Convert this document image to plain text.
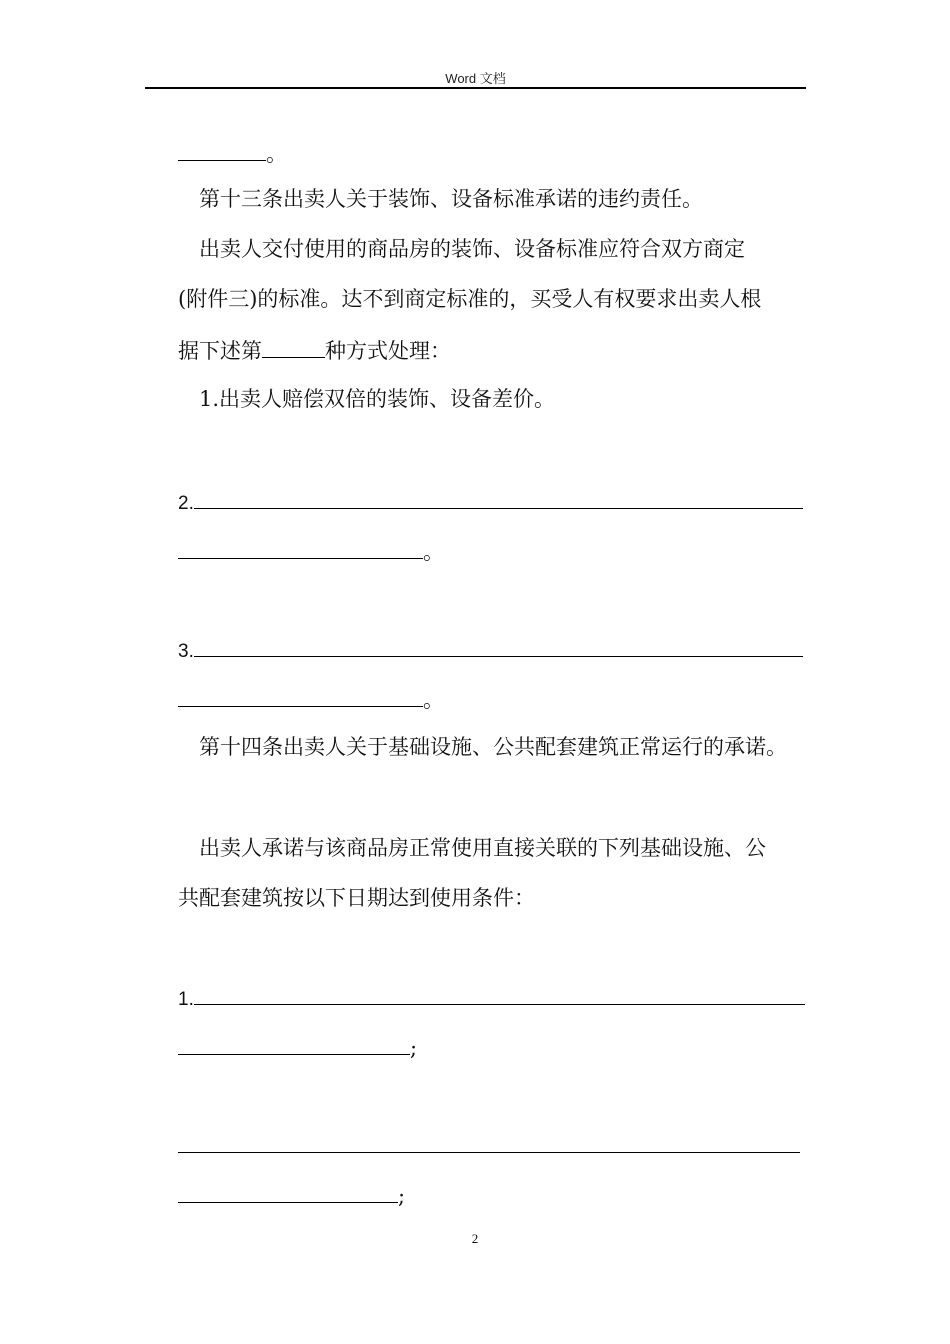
Word 文档
。
第十三条出卖人关于装饰、设备标准承诺的违约责任。
出卖人交付使用的商品房的装饰、设备标准应符合双方商定
(附件三)的标准。达不到商定标准的，买受人有权要求出卖人根
据下述第	种方式处理：
1.出卖人赔偿双倍的装饰、设备差价。
2.
。
3.
。
第十四条出卖人关于基础设施、公共配套建筑正常运行的承诺。
出卖人承诺与该商品房正常使用直接关联的下列基础设施、公
共配套建筑按以下日期达到使用条件：
1.
;
;
2
